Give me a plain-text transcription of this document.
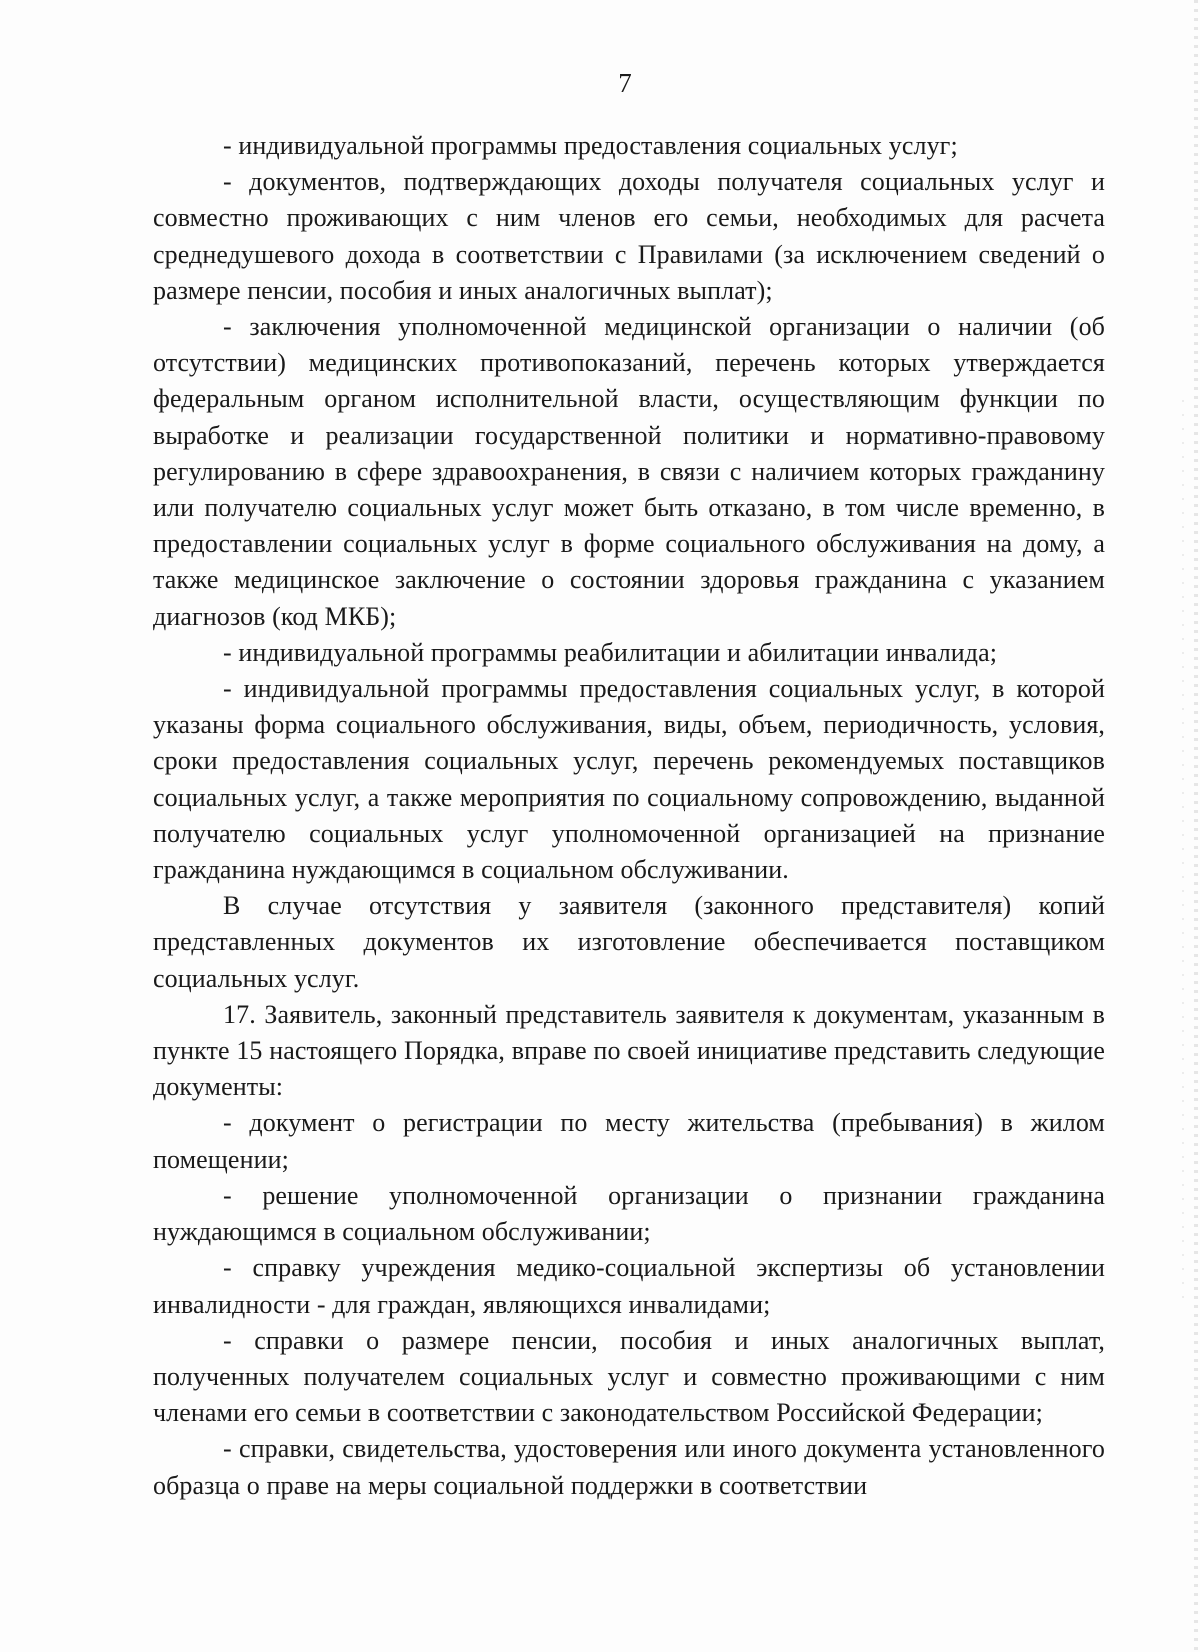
7

- индивидуальной программы предоставления социальных услуг;

- документов, подтверждающих доходы получателя социальных услуг и совместно проживающих с ним членов его семьи, необходимых для расчета среднедушевого дохода в соответствии с Правилами (за исключением сведений о размере пенсии, пособия и иных аналогичных выплат);

- заключения уполномоченной медицинской организации о наличии (об отсутствии) медицинских противопоказаний, перечень которых утверждается федеральным органом исполнительной власти, осуществляющим функции по выработке и реализации государственной политики и нормативно-правовому регулированию в сфере здравоохранения, в связи с наличием которых гражданину или получателю социальных услуг может быть отказано, в том числе временно, в предоставлении социальных услуг в форме социального обслуживания на дому, а также медицинское заключение о состоянии здоровья гражданина с указанием диагнозов (код МКБ);

- индивидуальной программы реабилитации и абилитации инвалида;

- индивидуальной программы предоставления социальных услуг, в которой указаны форма социального обслуживания, виды, объем, периодичность, условия, сроки предоставления социальных услуг, перечень рекомендуемых поставщиков социальных услуг, а также мероприятия по социальному сопровождению, выданной получателю социальных услуг уполномоченной организацией на признание гражданина нуждающимся в социальном обслуживании.

В случае отсутствия у заявителя (законного представителя) копий представленных документов их изготовление обеспечивается поставщиком социальных услуг.

17. Заявитель, законный представитель заявителя к документам, указанным в пункте 15 настоящего Порядка, вправе по своей инициативе представить следующие документы:

- документ о регистрации по месту жительства (пребывания) в жилом помещении;

- решение уполномоченной организации о признании гражданина нуждающимся в социальном обслуживании;

- справку учреждения медико-социальной экспертизы об установлении инвалидности - для граждан, являющихся инвалидами;

- справки о размере пенсии, пособия и иных аналогичных выплат, полученных получателем социальных услуг и совместно проживающими с ним членами его семьи в соответствии с законодательством Российской Федерации;

- справки, свидетельства, удостоверения или иного документа установленного образца о праве на меры социальной поддержки в соответствии
